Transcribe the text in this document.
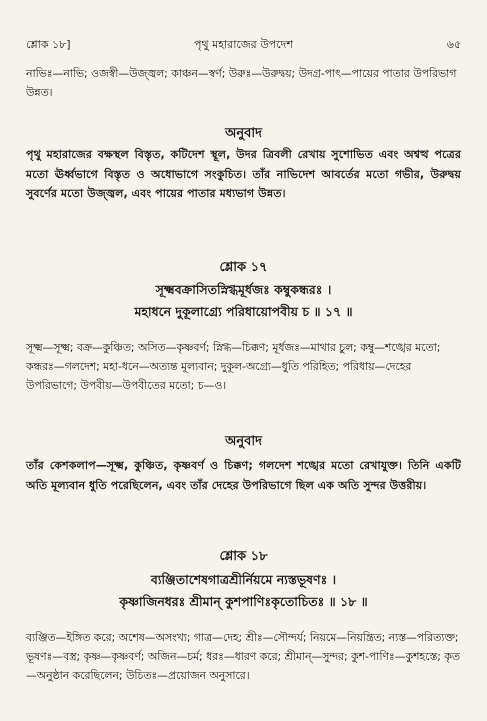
শ্লোক ১৮]	পৃথু মহারাজের উপদেশ	৬৫
নাভিঃ—নাভি; ওজস্বী—উজ্জ্বল; কাঞ্চন—স্বর্ণ; উরুঃ—উরুদ্বয়; উদগ্র-পাৎ—পায়ের পাতার উপরিভাগ উন্নত।
অনুবাদ
পৃথু মহারাজের বক্ষস্থল বিস্তৃত, কটিদেশ স্থূল, উদর ত্রিবলী রেখায় সুশোভিত এবং অশ্বত্থ পত্রের মতো ঊর্ধ্বভাগে বিস্তৃত ও অধোভাগে সংকুচিত। তাঁর নাভিদেশ আবর্তের মতো গভীর, উরুদ্বয় সুবর্ণের মতো উজ্জ্বল, এবং পায়ের পাতার মধ্যভাগ উন্নত।
শ্লোক ১৭
সূক্ষ্মবক্রাসিতস্নিগ্ধমূর্ধজঃ কম্বুকন্ধরঃ ।
মহাধনে দুকূলাগ্র্যে পরিধায়োপবীয় চ ॥ ১৭ ॥
সূক্ষ্ম—সূক্ষ্ম; বক্র—কুঞ্চিত; অসিত—কৃষ্ণবর্ণ; স্নিগ্ধ—চিক্কণ; মূর্ধজঃ—মাথার চুল; কম্বু—শঙ্খের মতো; কন্ধরঃ—গলদেশ; মহা-ধনে—অত্যন্ত মূল্যবান; দুকূল-অগ্র্যে—ধুতি পরিহিত; পরিধায়—দেহের উপরিভাগে; উপবীয়—উপবীতের মতো; চ—ও।
অনুবাদ
তাঁর কেশকলাপ—সূক্ষ্ম, কুঞ্চিত, কৃষ্ণবর্ণ ও চিক্কণ; গলদেশ শঙ্খের মতো রেখাযুক্ত। তিনি একটি অতি মূল্যবান ধুতি পরেছিলেন, এবং তাঁর দেহের উপরিভাগে ছিল এক অতি সুন্দর উত্তরীয়।
শ্লোক ১৮
ব্যঞ্জিতাশেষগাত্রশ্রীর্নিয়মে ন্যস্তভূষণঃ ।
কৃষ্ণাজিনধরঃ শ্রীমান্ কুশপাণিঃকৃতোচিতঃ ॥ ১৮ ॥
ব্যঞ্জিত—ইঙ্গিত করে; অশেষ—অসংখ্য; গাত্র—দেহ; শ্রীঃ—সৌন্দর্য; নিয়মে—নিয়ন্ত্রিত; ন্যস্ত—পরিত্যক্ত; ভূষণঃ—বস্ত্র; কৃষ্ণ—কৃষ্ণবর্ণ; অজিন—চর্ম; ধরঃ—ধারণ করে; শ্রীমান্—সুন্দর; কুশ-পাণিঃ—কুশহস্তে; কৃত—অনুষ্ঠান করেছিলেন; উচিতঃ—প্রয়োজন অনুসারে।
